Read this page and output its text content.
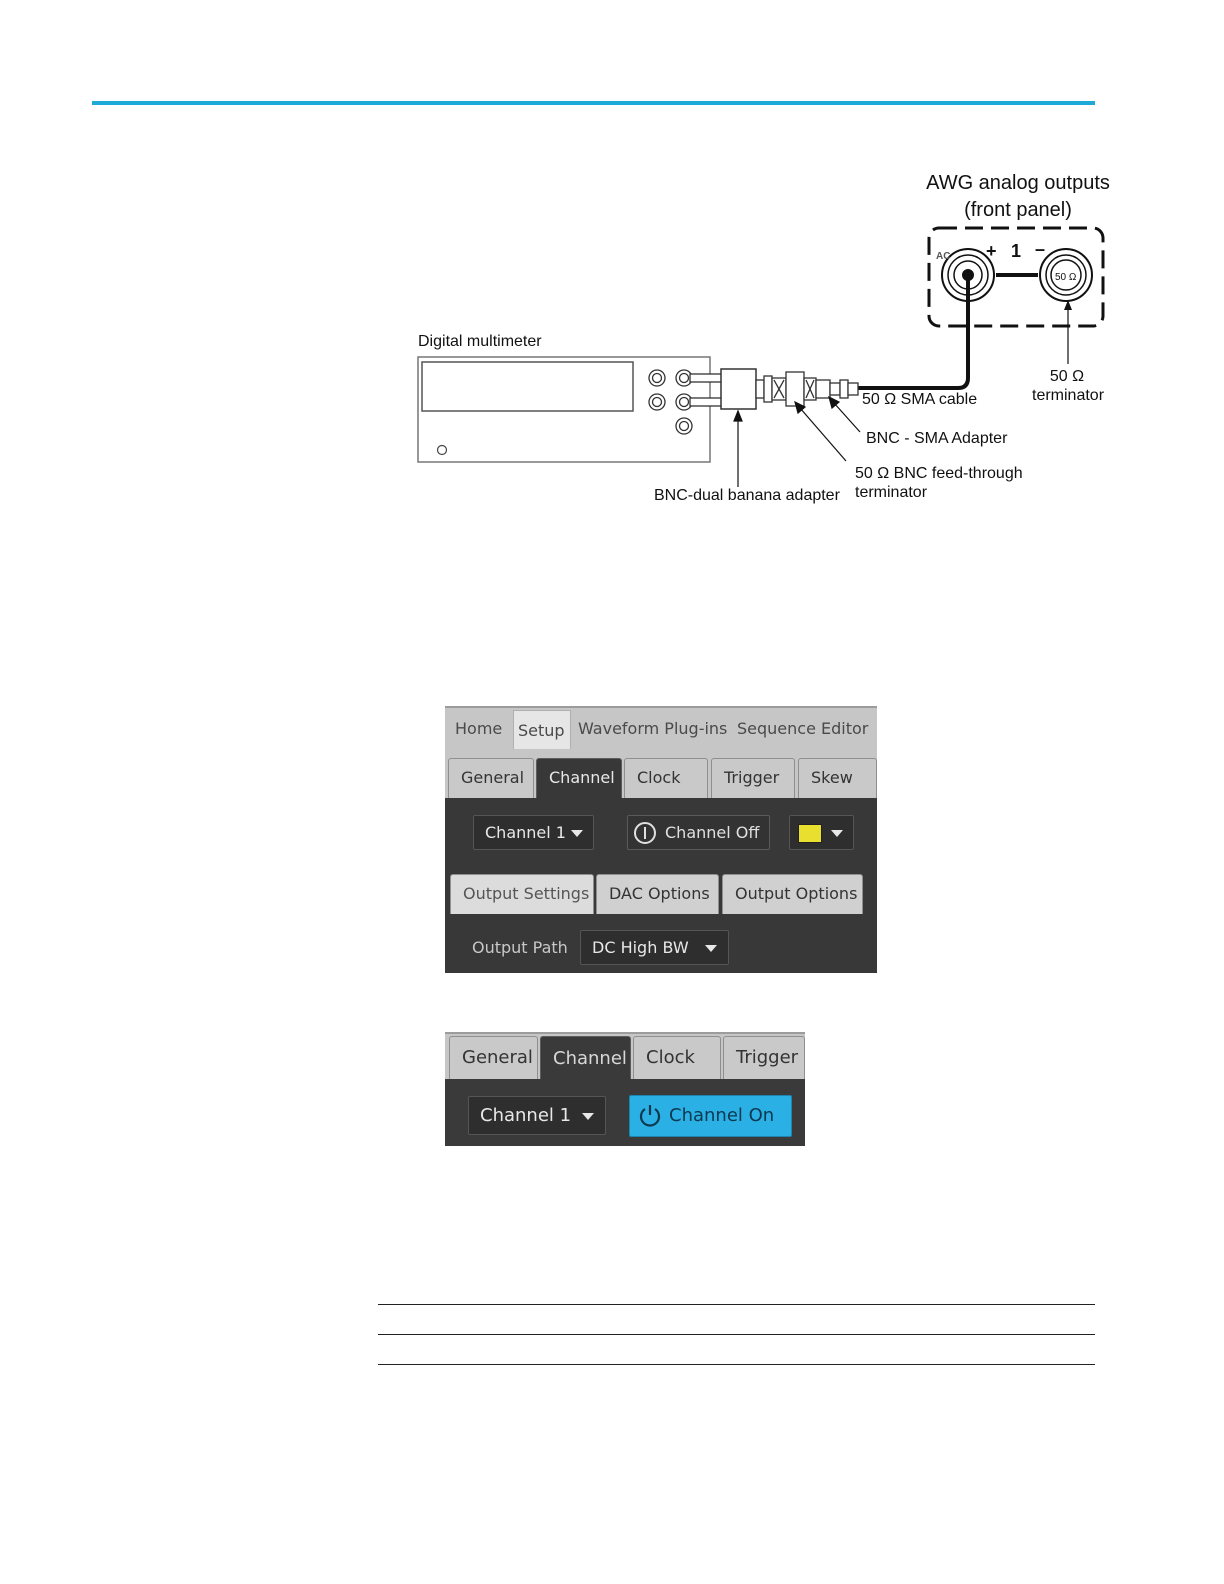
AWG analog outputs
(front panel)
AC + 1 –
50 Ω
Digital multimeter
50 Ω SMA cable
50 Ω
terminator
BNC - SMA Adapter
50 Ω BNC feed-through
terminator
BNC-dual banana adapter
Home Setup Waveform Plug-ins Sequence Editor
General	Channel	Clock	Trigger	Skew
Channel 1	Channel Off
Output Settings	DAC Options	Output Options
Output Path	DC High BW
General	Channel	Clock	Trigger
Channel 1	Channel On
